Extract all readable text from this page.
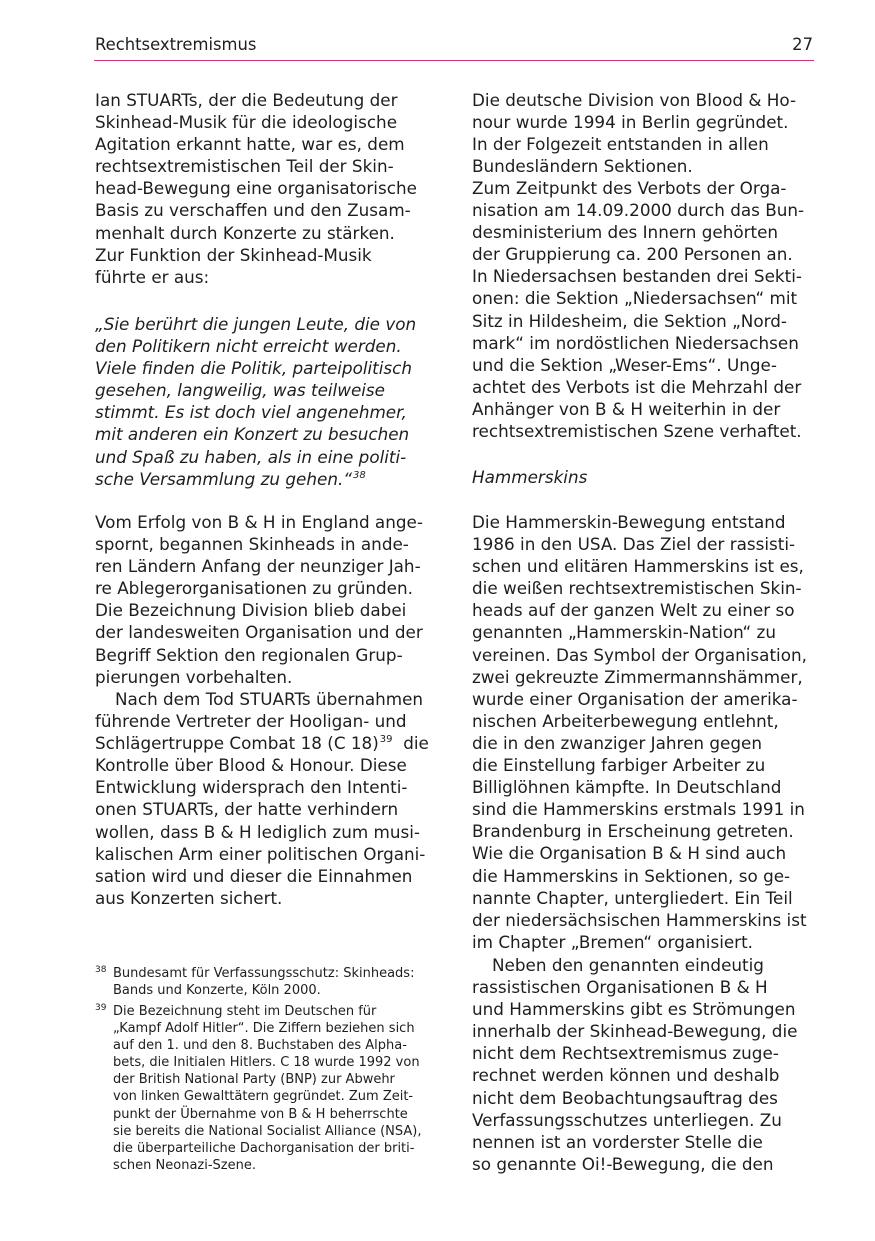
Rechtsextremismus	27
Ian STUARTs, der die Bedeutung der
Skinhead-Musik für die ideologische
Agitation erkannt hatte, war es, dem
rechtsextremistischen Teil der Skin-
head-Bewegung eine organisatorische
Basis zu verschaffen und den Zusam-
menhalt durch Konzerte zu stärken.
Zur Funktion der Skinhead-Musik
führte er aus:
„Sie berührt die jungen Leute, die von
den Politikern nicht erreicht werden.
Viele finden die Politik, parteipolitisch
gesehen, langweilig, was teilweise
stimmt. Es ist doch viel angenehmer,
mit anderen ein Konzert zu besuchen
und Spaß zu haben, als in eine politi-
sche Versammlung zu gehen.“$^{38}$
Vom Erfolg von B & H in England ange-
spornt, begannen Skinheads in ande-
ren Ländern Anfang der neunziger Jah-
re Ablegerorganisationen zu gründen.
Die Bezeichnung Division blieb dabei
der landesweiten Organisation und der
Begriff Sektion den regionalen Grup-
pierungen vorbehalten.
Nach dem Tod STUARTs übernahmen
führende Vertreter der Hooligan- und
Schlägertruppe Combat 18 (C 18)$^{39}$  die
Kontrolle über Blood & Honour. Diese
Entwicklung widersprach den Intenti-
onen STUARTs, der hatte verhindern
wollen, dass B & H lediglich zum musi-
kalischen Arm einer politischen Organi-
sation wird und dieser die Einnahmen
aus Konzerten sichert.
38 Bundesamt für Verfassungsschutz: Skinheads:
Bands und Konzerte, Köln 2000.
39 Die Bezeichnung steht im Deutschen für
„Kampf Adolf Hitler“. Die Ziffern beziehen sich
auf den 1. und den 8. Buchstaben des Alpha-
bets, die Initialen Hitlers. C 18 wurde 1992 von
der British National Party (BNP) zur Abwehr
von linken Gewalttätern gegründet. Zum Zeit-
punkt der Übernahme von B & H beherrschte
sie bereits die National Socialist Alliance (NSA),
die überparteiliche Dachorganisation der briti-
schen Neonazi-Szene.
Die deutsche Division von Blood & Ho-
nour wurde 1994 in Berlin gegründet.
In der Folgezeit entstanden in allen
Bundesländern Sektionen.
Zum Zeitpunkt des Verbots der Orga-
nisation am 14.09.2000 durch das Bun-
desministerium des Innern gehörten
der Gruppierung ca. 200 Personen an.
In Niedersachsen bestanden drei Sekti-
onen: die Sektion „Niedersachsen“ mit
Sitz in Hildesheim, die Sektion „Nord-
mark“ im nordöstlichen Niedersachsen
und die Sektion „Weser-Ems“. Unge-
achtet des Verbots ist die Mehrzahl der
Anhänger von B & H weiterhin in der
rechtsextremistischen Szene verhaftet.
Hammerskins
Die Hammerskin-Bewegung entstand
1986 in den USA. Das Ziel der rassisti-
schen und elitären Hammerskins ist es,
die weißen rechtsextremistischen Skin-
heads auf der ganzen Welt zu einer so
genannten „Hammerskin-Nation“ zu
vereinen. Das Symbol der Organisation,
zwei gekreuzte Zimmermannshämmer,
wurde einer Organisation der amerika-
nischen Arbeiterbewegung entlehnt,
die in den zwanziger Jahren gegen
die Einstellung farbiger Arbeiter zu
Billiglöhnen kämpfte. In Deutschland
sind die Hammerskins erstmals 1991 in
Brandenburg in Erscheinung getreten.
Wie die Organisation B & H sind auch
die Hammerskins in Sektionen, so ge-
nannte Chapter, untergliedert. Ein Teil
der niedersächsischen Hammerskins ist
im Chapter „Bremen“ organisiert.
Neben den genannten eindeutig
rassistischen Organisationen B & H
und Hammerskins gibt es Strömungen
innerhalb der Skinhead-Bewegung, die
nicht dem Rechtsextremismus zuge-
rechnet werden können und deshalb
nicht dem Beobachtungsauftrag des
Verfassungsschutzes unterliegen. Zu
nennen ist an vorderster Stelle die
so genannte Oi!-Bewegung, die den
